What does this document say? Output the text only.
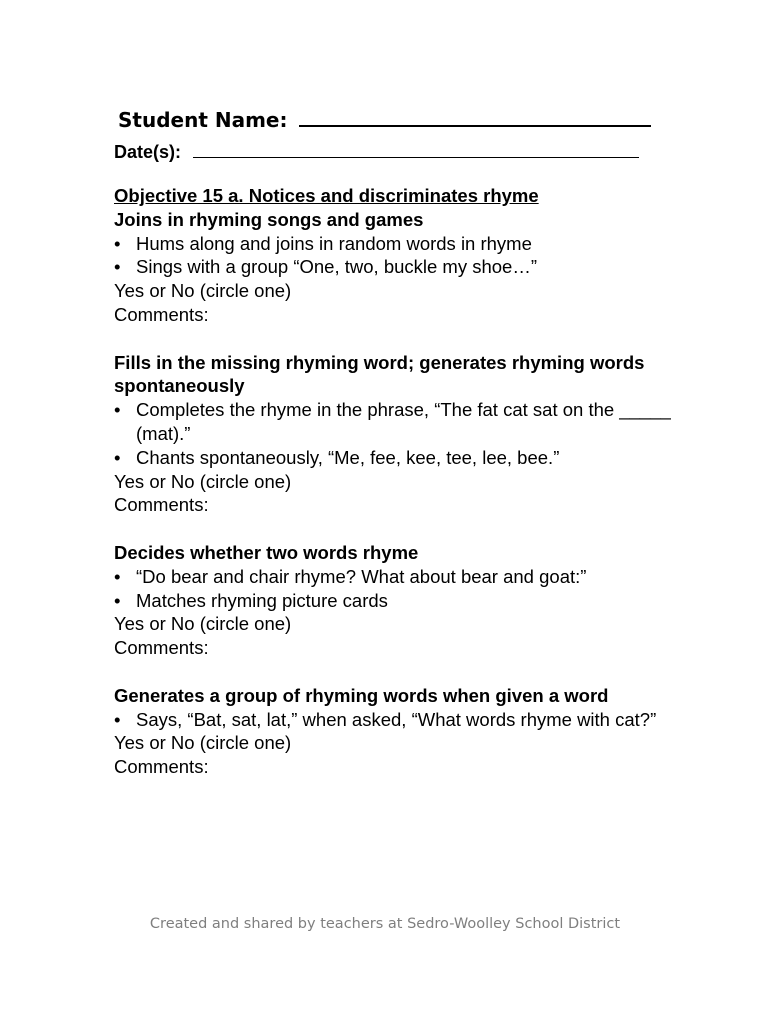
Student Name:
Date(s):

Objective 15 a. Notices and discriminates rhyme

Joins in rhyming songs and games

• Hums along and joins in random words in rhyme
• Sings with a group “One, two, buckle my shoe…”

Yes or No (circle one)

Comments:

Fills in the missing rhyming word; generates rhyming words spontaneously

• Completes the rhyme in the phrase, “The fat cat sat on the _____ (mat).”
• Chants spontaneously, “Me, fee, kee, tee, lee, bee.”

Yes or No (circle one)

Comments:

Decides whether two words rhyme

• “Do bear and chair rhyme? What about bear and goat:”
• Matches rhyming picture cards

Yes or No (circle one)

Comments:

Generates a group of rhyming words when given a word

• Says, “Bat, sat, lat,” when asked, “What words rhyme with cat?”

Yes or No (circle one)

Comments:

Created and shared by teachers at Sedro-Woolley School District
